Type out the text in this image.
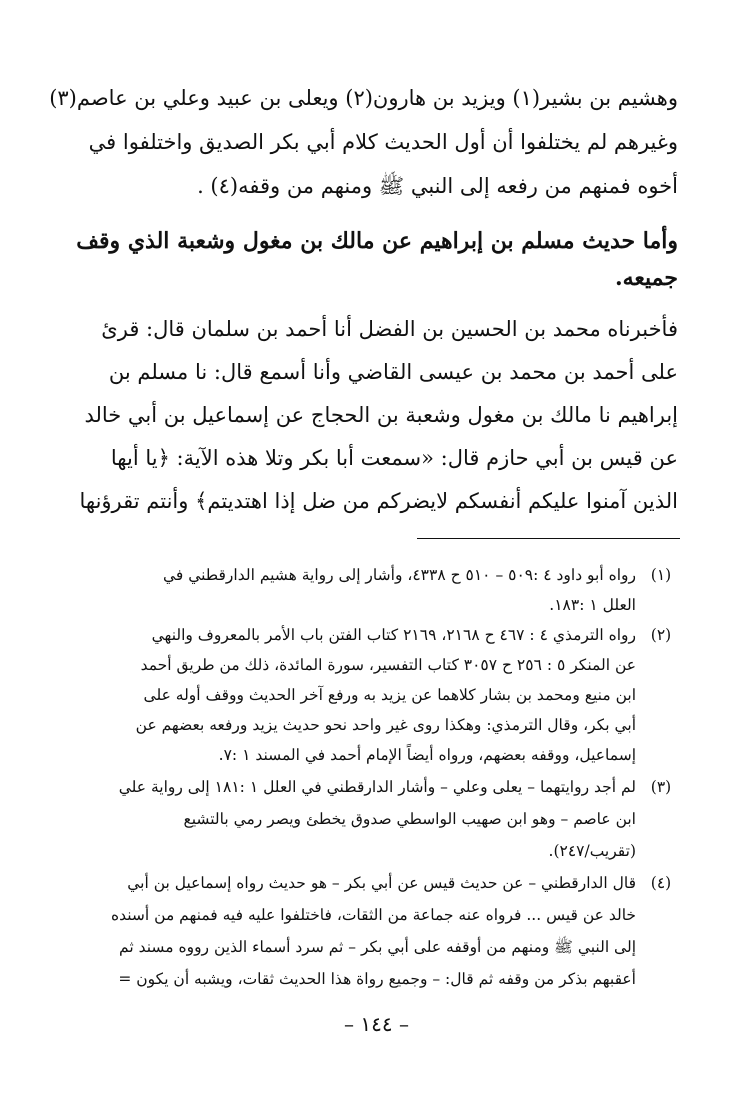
وهشيم بن بشير(١) ويزيد بن هارون(٢) ويعلى بن عبيد وعلي بن عاصم(٣)
وغيرهم لم يختلفوا أن أول الحديث كلام أبي بكر الصديق واختلفوا في
أخوه فمنهم من رفعه إلى النبي ﷺ ومنهم من وقفه(٤) .
وأما حديث مسلم بن إبراهيم عن مالك بن مغول وشعبة الذي وقف
جميعه.
فأخبرناه محمد بن الحسين بن الفضل أنا أحمد بن سلمان قال: قرئ
على أحمد بن محمد بن عيسى القاضي وأنا أسمع قال: نا مسلم بن
إبراهيم نا مالك بن مغول وشعبة بن الحجاج عن إسماعيل بن أبي خالد
عن قيس بن أبي حازم قال: «سمعت أبا بكر وتلا هذه الآية: ﴿يا أيها
الذين آمنوا عليكم أنفسكم لايضركم من ضل إذا اهتديتم﴾ وأنتم تقرؤنها
(١)
رواه أبو داود ٤ :٥٠٩ – ٥١٠ ح ٤٣٣٨، وأشار إلى رواية هشيم الدارقطني في
العلل ١ :١٨٣.
(٢)
رواه الترمذي ٤ : ٤٦٧ ح ٢١٦٨، ٢١٦٩ كتاب الفتن باب الأمر بالمعروف والنهي
عن المنكر ٥ : ٢٥٦ ح ٣٠٥٧ كتاب التفسير، سورة المائدة، ذلك من طريق أحمد
ابن منيع ومحمد بن بشار كلاهما عن يزيد به ورفع آخر الحديث ووقف أوله على
أبي بكر، وقال الترمذي: وهكذا روى غير واحد نحو حديث يزيد ورفعه بعضهم عن
إسماعيل، ووقفه بعضهم، ورواه أيضاً الإمام أحمد في المسند ١ :٧.
(٣)
لم أجد روايتهما – يعلى وعلي – وأشار الدارقطني في العلل ١ :١٨١ إلى رواية علي
ابن عاصم – وهو ابن صهيب الواسطي صدوق يخطئ ويصر رمي بالتشيع
(تقريب/٢٤٧).
(٤)
قال الدارقطني – عن حديث قيس عن أبي بكر – هو حديث رواه إسماعيل بن أبي
خالد عن قيس ... فرواه عنه جماعة من الثقات، فاختلفوا عليه فيه فمنهم من أسنده
إلى النبي ﷺ ومنهم من أوقفه على أبي بكر – ثم سرد أسماء الذين رووه مسند ثم
أعقبهم بذكر من وقفه ثم قال: – وجميع رواة هذا الحديث ثقات، ويشبه أن يكون =
– ١٤٤ –
